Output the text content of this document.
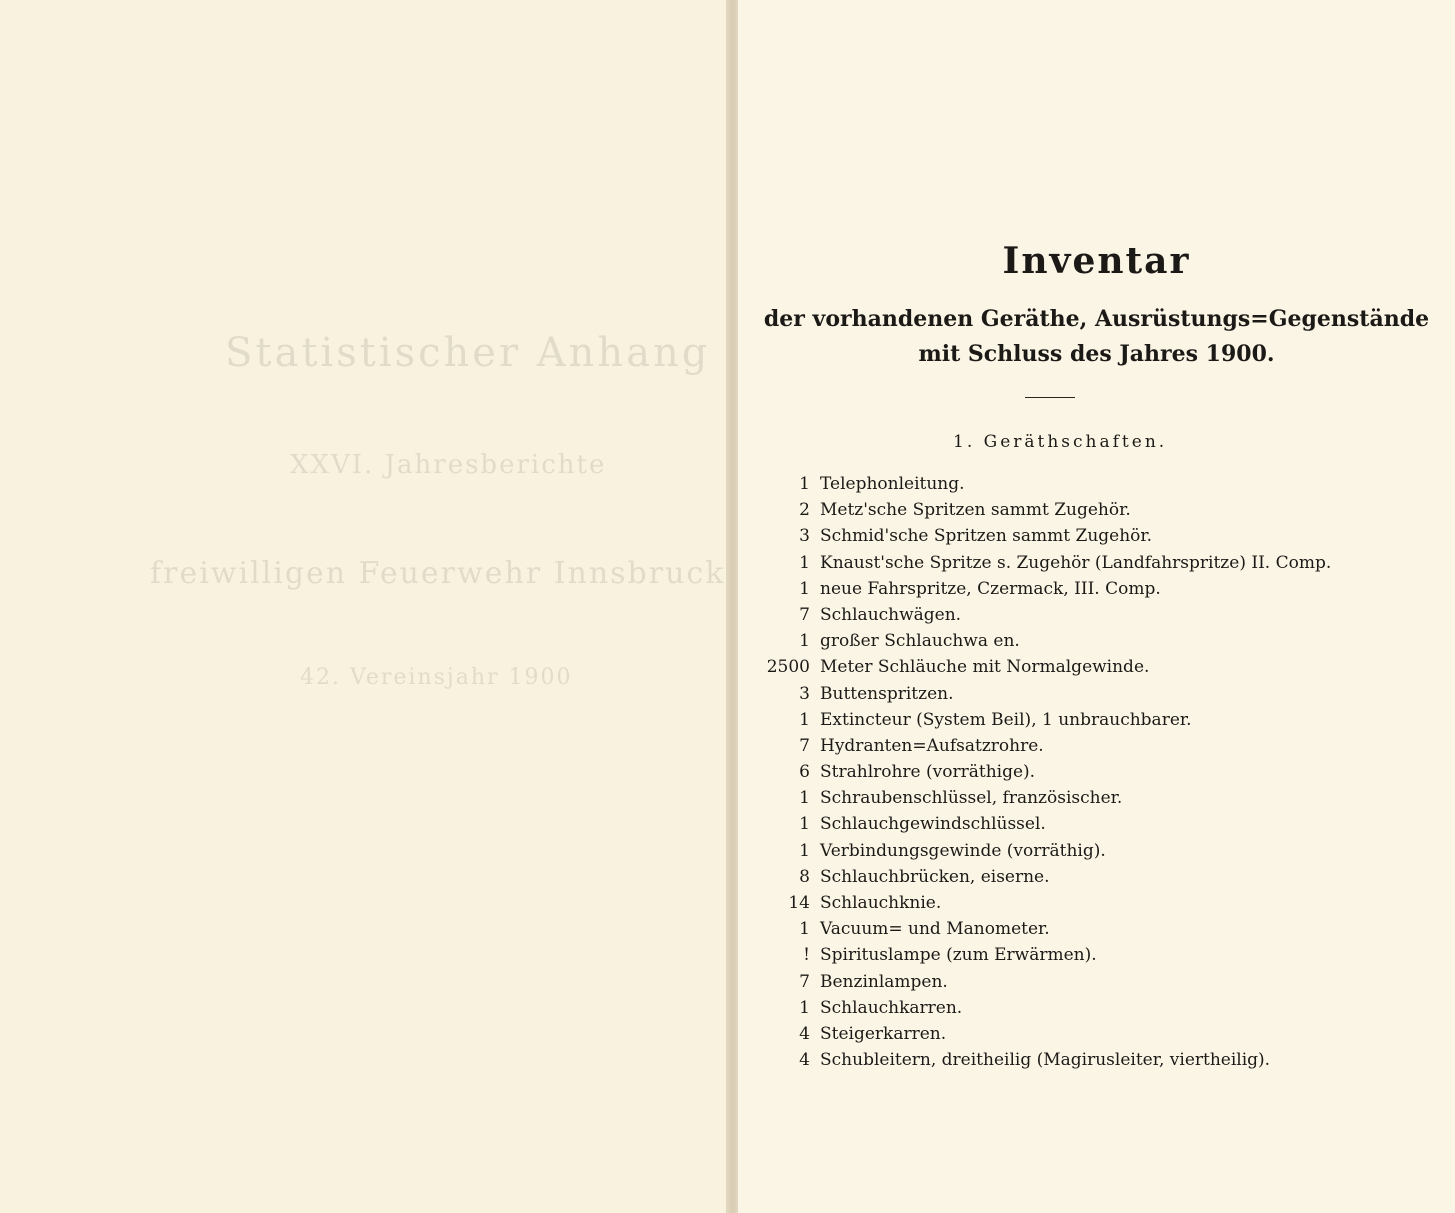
Statistischer Anhang
XXVI. Jahresberichte
freiwilligen Feuerwehr Innsbruck
42. Vereinsjahr 1900
Inventar
der vorhandenen Geräthe, Ausrüstungs=Gegenstände
mit Schluss des Jahres 1900.
1. Geräthschaften.
1 Telephonleitung.
2 Metz'sche Spritzen sammt Zugehör.
3 Schmid'sche Spritzen sammt Zugehör.
1 Knaust'sche Spritze s. Zugehör (Landfahrspritze) II. Comp.
1 neue Fahrspritze, Czermack, III. Comp.
7 Schlauchwägen.
1 großer Schlauchwa en.
2500 Meter Schläuche mit Normalgewinde.
3 Buttenspritzen.
1 Extincteur (System Beil), 1 unbrauchbarer.
7 Hydranten=Aufsatzrohre.
6 Strahlrohre (vorräthige).
1 Schraubenschlüssel, französischer.
1 Schlauchgewindschlüssel.
1 Verbindungsgewinde (vorräthig).
8 Schlauchbrücken, eiserne.
14 Schlauchknie.
1 Vacuum= und Manometer.
! Spirituslampe (zum Erwärmen).
7 Benzinlampen.
1 Schlauchkarren.
4 Steigerkarren.
4 Schubleitern, dreitheilig (Magirusleiter, viertheilig).
